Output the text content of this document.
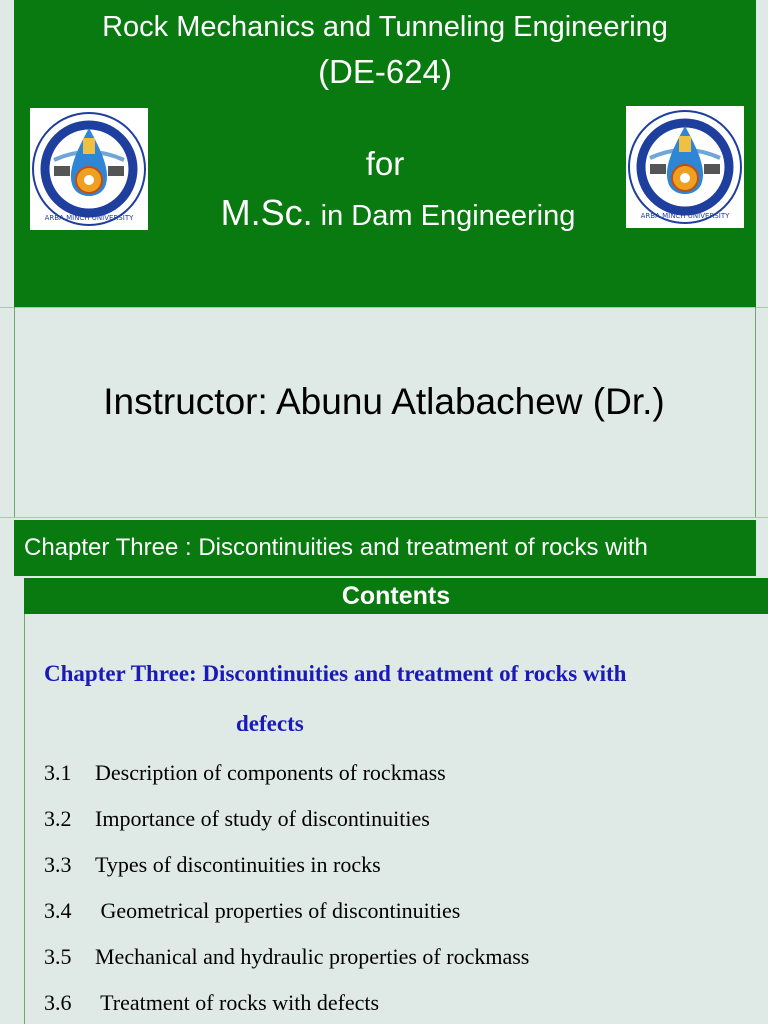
Rock Mechanics and Tunneling Engineering
(DE-624)
for
M.Sc. in Dam Engineering
ARBA MINCH UNIVERSITY	ARBA MINCH UNIVERSITY
Instructor: Abunu Atlabachew (Dr.)
Chapter Three : Discontinuities and treatment of rocks with
Contents
Chapter Three: Discontinuities and treatment of rocks with
defects
3.1 Description of components of rockmass
3.2 Importance of study of discontinuities
3.3 Types of discontinuities in rocks
3.4 Geometrical properties of discontinuities
3.5 Mechanical and hydraulic properties of rockmass
3.6 Treatment of rocks with defects
